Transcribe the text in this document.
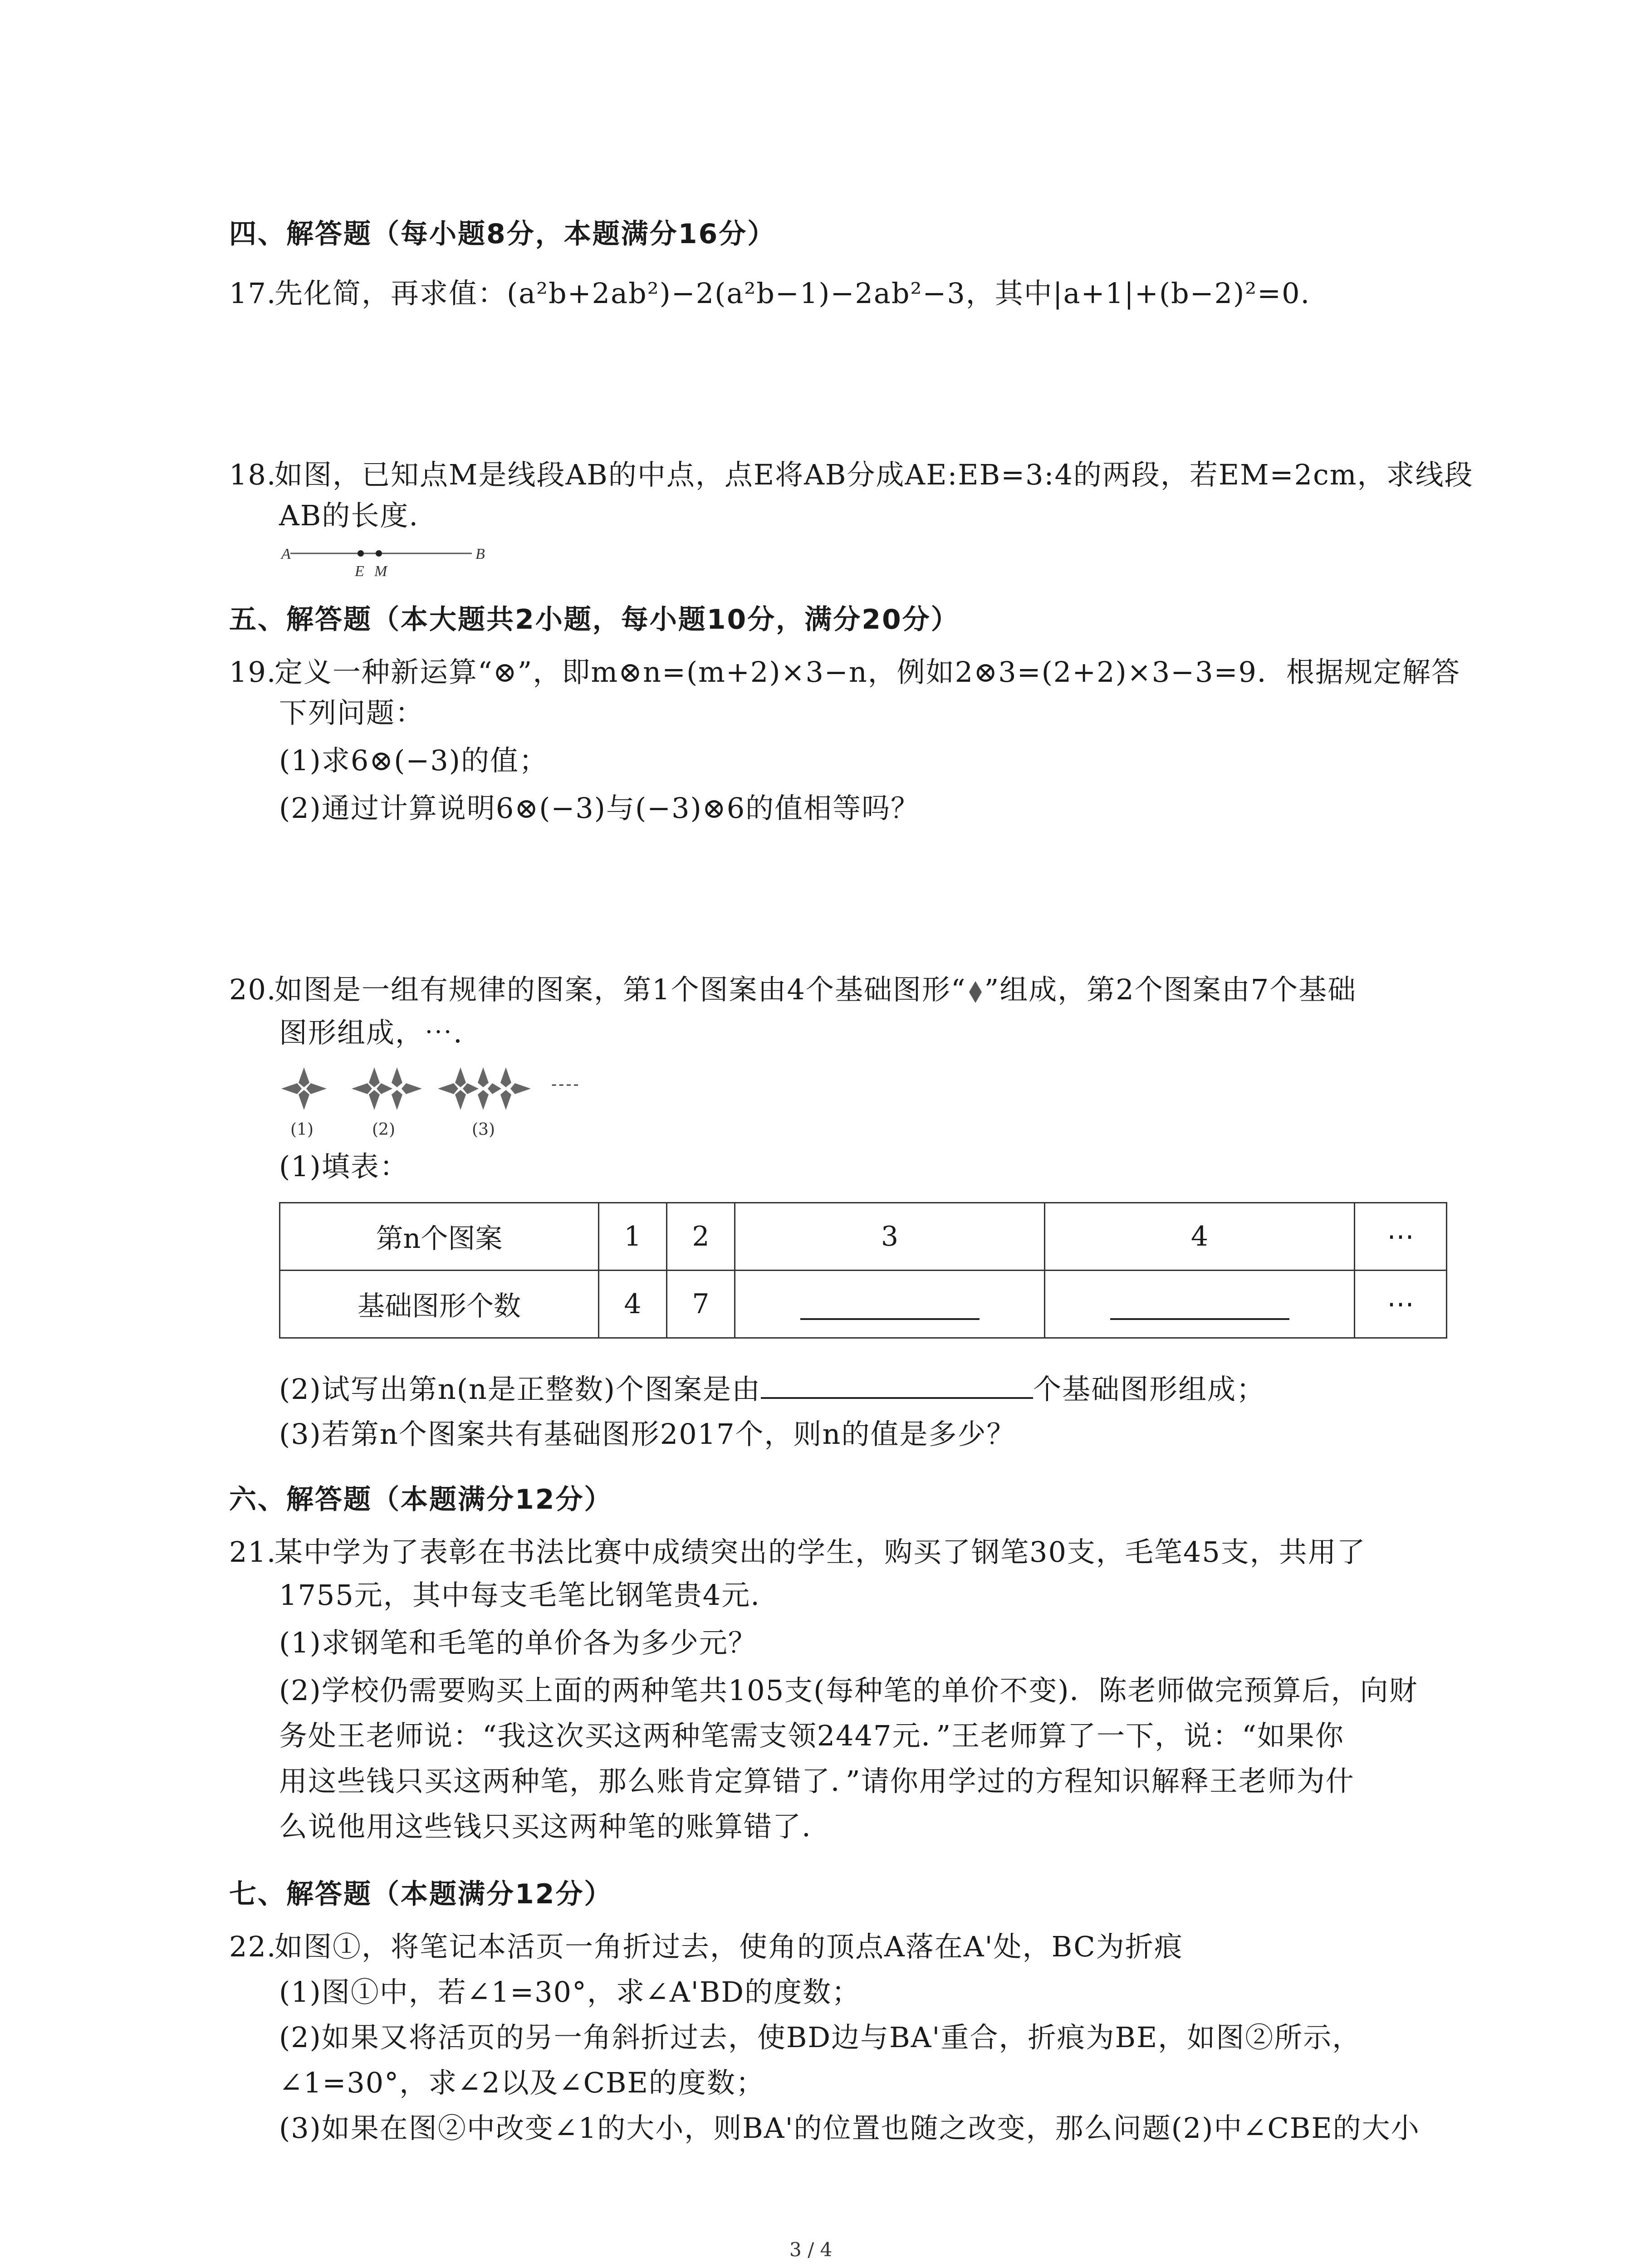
四、解答题（每小题8分，本题满分16分）
17.先化简，再求值：(a²b+2ab²)−2(a²b−1)−2ab²−3，其中|a+1|+(b−2)²=0.
18.如图，已知点M是线段AB的中点，点E将AB分成AE:EB=3:4的两段，若EM=2cm，求线段
AB的长度.
A
E M
B
五、解答题（本大题共2小题，每小题10分，满分20分）
19.定义一种新运算“⊗”，即m⊗n=(m+2)×3−n，例如2⊗3=(2+2)×3−3=9．根据规定解答
下列问题：
(1)求6⊗(−3)的值；
(2)通过计算说明6⊗(−3)与(−3)⊗6的值相等吗？
20.如图是一组有规律的图案，第1个图案由4个基础图形“ ”组成，第2个图案由7个基础
图形组成，⋯.
----
(1)	(2)	(3)
(1)填表：
第n个图案	1	2	3	4	⋯
基础图形个数	4	7			⋯
(2)试写出第n(n是正整数)个图案是由	个基础图形组成；
(3)若第n个图案共有基础图形2017个，则n的值是多少？
六、解答题（本题满分12分）
21.某中学为了表彰在书法比赛中成绩突出的学生，购买了钢笔30支，毛笔45支，共用了
1755元，其中每支毛笔比钢笔贵4元.
(1)求钢笔和毛笔的单价各为多少元？
(2)学校仍需要购买上面的两种笔共105支(每种笔的单价不变)．陈老师做完预算后，向财
务处王老师说：“我这次买这两种笔需支领2447元．”王老师算了一下，说：“如果你
用这些钱只买这两种笔，那么账肯定算错了．”请你用学过的方程知识解释王老师为什
么说他用这些钱只买这两种笔的账算错了.
七、解答题（本题满分12分）
22.如图①，将笔记本活页一角折过去，使角的顶点A落在A'处，BC为折痕
(1)图①中，若∠1=30°，求∠A'BD的度数；
(2)如果又将活页的另一角斜折过去，使BD边与BA'重合，折痕为BE，如图②所示，
∠1=30°，求∠2以及∠CBE的度数；
(3)如果在图②中改变∠1的大小，则BA'的位置也随之改变，那么问题(2)中∠CBE的大小
3 / 4
